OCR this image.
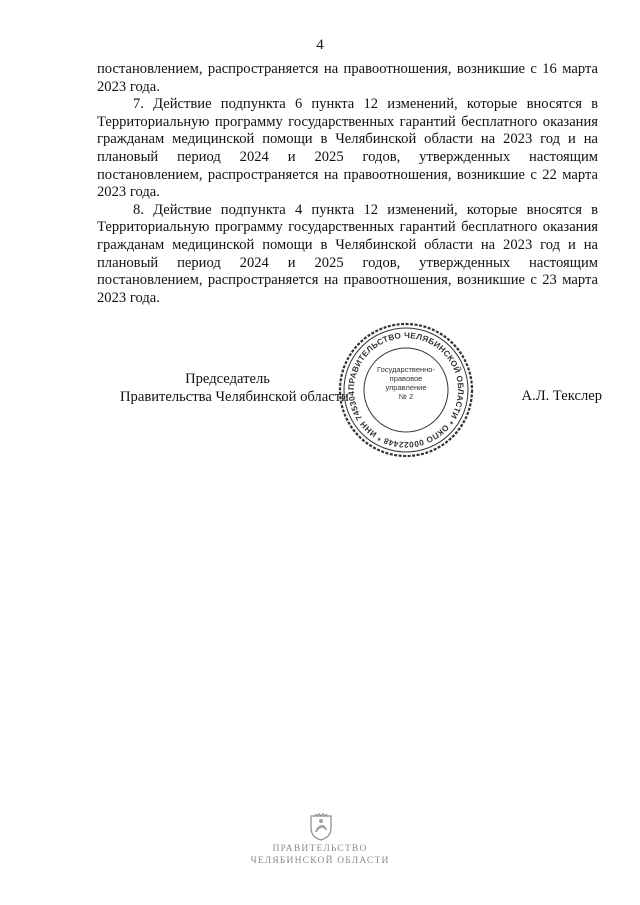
4

постановлением, распространяется на правоотношения, возникшие с 16 марта 2023 года.

7. Действие подпункта 6 пункта 12 изменений, которые вносятся в Территориальную программу государственных гарантий бесплатного оказания гражданам медицинской помощи в Челябинской области на 2023 год и на плановый период 2024 и 2025 годов, утвержденных настоящим постановлением, распространяется на правоотношения, возникшие с 22 марта 2023 года.

8. Действие подпункта 4 пункта 12 изменений, которые вносятся в Территориальную программу государственных гарантий бесплатного оказания гражданам медицинской помощи в Челябинской области на 2023 год и на плановый период 2024 и 2025 годов, утвержденных настоящим постановлением, распространяется на правоотношения, возникшие с 23 марта 2023 года.

Председатель
Правительства Челябинской области
ПРАВИТЕЛЬСТВО ЧЕЛЯБИНСКОЙ ОБЛАСТИ * ОКПО 00022448 * ИНН 745304
Государственно-
правовое
управление
№ 2	А.Л. Текслер
ПРАВИТЕЛЬСТВО
ЧЕЛЯБИНСКОЙ ОБЛАСТИ
